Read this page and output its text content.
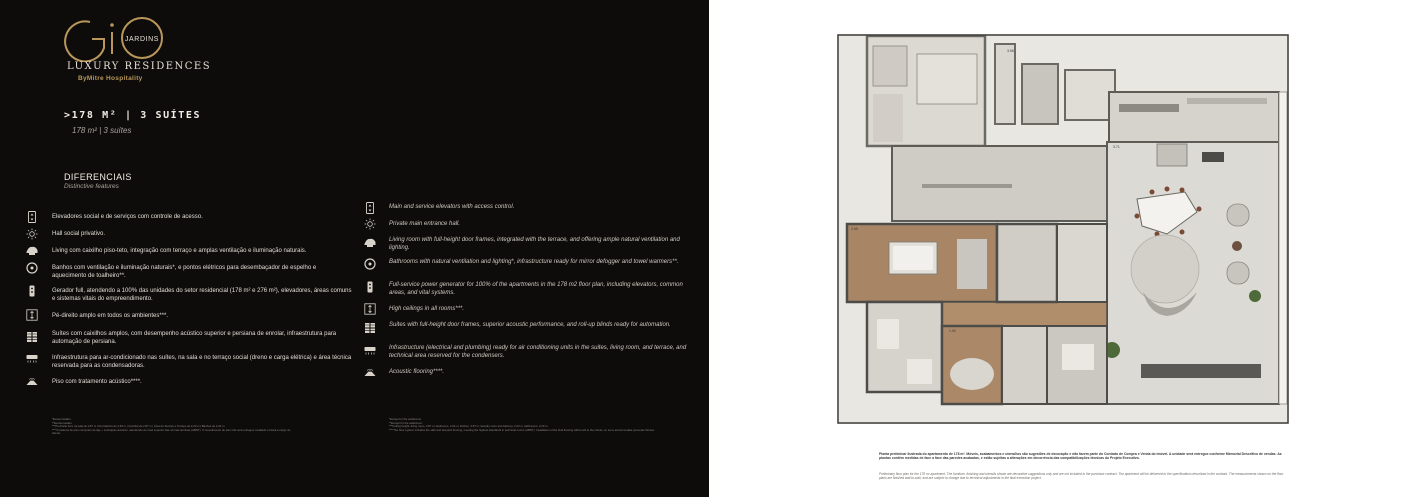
JARDINS
LUXURY RESIDENCES
ByMitre Hospitality
>178 M² | 3 SUÍTES
178 m² | 3 suítes
DIFERENCIAIS
Distinctive features
Elevadores social e de serviços com controle de acesso.
Hall social privativo.
Living com caixilho piso-teto, integração com terraço e amplas ventilação e iluminação naturais.
Banhos com ventilação e iluminação naturais*, e pontos elétricos para desembaçador de espelho e aquecimento de toalheiro**.
Gerador full, atendendo a 100% das unidades do setor residencial (178 m² e 276 m²), elevadores, áreas comuns e sistemas vitais do empreendimento.
Pé-direito amplo em todos os ambientes***.
Suítes com caixilhos amplos, com desempenho acústico superior e persiana de enrolar, infraestrutura para automação de persiana.
Infraestrutura para ar-condicionado nas suítes, na sala e no terraço social (dreno e carga elétrica) e área técnica reservada para as condensadoras.
Piso com tratamento acústico****.
Main and service elevators with access control.
Private main entrance hall.
Living room with full-height door frames, integrated with the terrace, and offering ample natural ventilation and lighting.
Bathrooms with natural ventilation and lighting*, infrastructure ready for mirror defogger and towel warmers**.
Full-service power generator for 100% of the apartments in the 178 m2 floor plan, including elevators, common areas, and vital systems.
High ceilings in all rooms***.
Suites with full-height door frames, superior acoustic performance, and roll-up blinds ready for automation.
Infrastructure (electrical and plumbing) ready for air conditioning units in the suites, living room, and terrace, and technical area reserved for the condensers.
Acoustic flooring****.
*Exceto lavabo.
**Exceto lavabo.
***Pé-direito livre na sala de 2,87 m | Dormitórios de 2,64 m | Cozinha de 2,87 m | Área de Serviço e Terraço de 2,20 m | Banhos de 2,20 m.
****O sistema de piso composto de laje + contrapiso acústico, atendendo ao nível superior das normas técnicas (ABNT). O revestimento do piso não será entregue instalado e ficará a cargo do cliente.
*Except for the washroom.
**Except for the washroom.
***Ceiling height: living room, 2.87 m; bedrooms, 2.64 m; kitchen, 2.87 m; laundry room and balcony, 2.20 m; bathrooms, 2.20 m.
****The floor system includes the slab and acoustic flooring, meeting the highest standards in technical norms (ABNT). Installation of the final flooring will be left to the clients, so as to accommodate personal choices.
3.96
3.71
2.65
1.92
Planta preliminar ilustrada do apartamento de 178 m². Móveis, acabamentos e utensílios são sugestões de decoração e não fazem parte do Contrato de Compra e Venda do imóvel. A unidade será entregue conforme Memorial Descritivo de vendas. As plantas contêm medidas de face a face das paredes acabadas, e estão sujeitas a alterações em decorrência das compatibilizações técnicas do Projeto Executivo.
Preliminary floor plan for the 178 m² apartment. The furniture, finishing and utensils shown are decorative suggestions only and are not included in the purchase contract. The apartment will be delivered to the specifications described in the contract. The measurements shown on the floor plans are finished wall-to-wall, and are subject to change due to technical adjustments in the final execution project.
